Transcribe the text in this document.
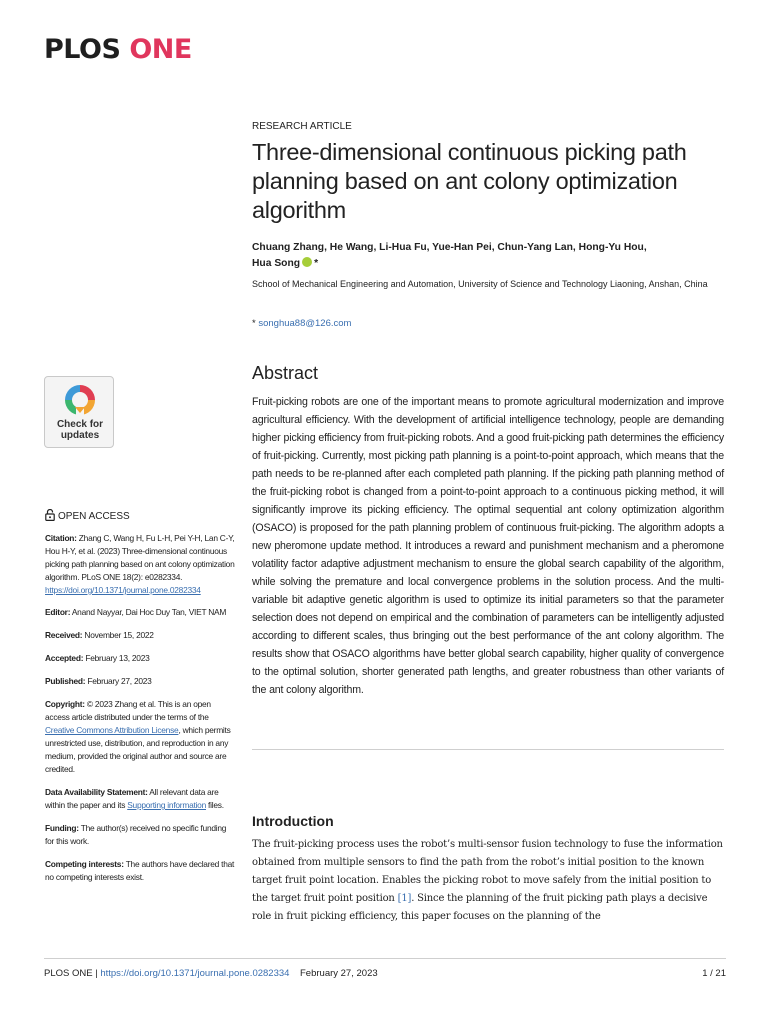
PLOS ONE
RESEARCH ARTICLE
Three-dimensional continuous picking path planning based on ant colony optimization algorithm
Chuang Zhang, He Wang, Li-Hua Fu, Yue-Han Pei, Chun-Yang Lan, Hong-Yu Hou,
Hua Song *
School of Mechanical Engineering and Automation, University of Science and Technology Liaoning, Anshan, China
* songhua88@126.com
Check for
updates
OPEN ACCESS
Citation: Zhang C, Wang H, Fu L-H, Pei Y-H, Lan C-Y, Hou H-Y, et al. (2023) Three-dimensional continuous picking path planning based on ant colony optimization algorithm. PLoS ONE 18(2): e0282334. https://doi.org/10.1371/journal.pone.0282334
Editor: Anand Nayyar, Dai Hoc Duy Tan, VIET NAM
Received: November 15, 2022
Accepted: February 13, 2023
Published: February 27, 2023
Copyright: © 2023 Zhang et al. This is an open access article distributed under the terms of the Creative Commons Attribution License, which permits unrestricted use, distribution, and reproduction in any medium, provided the original author and source are credited.
Data Availability Statement: All relevant data are within the paper and its Supporting information files.
Funding: The author(s) received no specific funding for this work.
Competing interests: The authors have declared that no competing interests exist.
Abstract

Fruit-picking robots are one of the important means to promote agricultural modernization and improve agricultural efficiency. With the development of artificial intelligence technology, people are demanding higher picking efficiency from fruit-picking robots. And a good fruit-picking path determines the efficiency of fruit-picking. Currently, most picking path planning is a point-to-point approach, which means that the path needs to be re-planned after each completed path planning. If the picking path planning method of the fruit-picking robot is changed from a point-to-point approach to a continuous picking method, it will significantly improve its picking efficiency. The optimal sequential ant colony optimization algorithm (OSACO) is proposed for the path planning problem of continuous fruit-picking. The algorithm adopts a new pheromone update method. It introduces a reward and punishment mechanism and a pheromone volatility factor adaptive adjustment mechanism to ensure the global search capability of the algorithm, while solving the premature and local convergence problems in the solution process. And the multi-variable bit adaptive genetic algorithm is used to optimize its initial parameters so that the parameter selection does not depend on empirical and the combination of parameters can be intelligently adjusted according to different scales, thus bringing out the best performance of the ant colony algorithm. The results show that OSACO algorithms have better global search capability, higher quality of convergence to the optimal solution, shorter generated path lengths, and greater robustness than other variants of the ant colony algorithm.

Introduction

The fruit-picking process uses the robot’s multi-sensor fusion technology to fuse the information obtained from multiple sensors to find the path from the robot’s initial position to the known target fruit point location. Enables the picking robot to move safely from the initial position to the target fruit point position [1]. Since the planning of the fruit picking path plays a decisive role in fruit picking efficiency, this paper focuses on the planning of the

PLOS ONE | https://doi.org/10.1371/journal.pone.0282334 February 27, 2023	1 / 21
